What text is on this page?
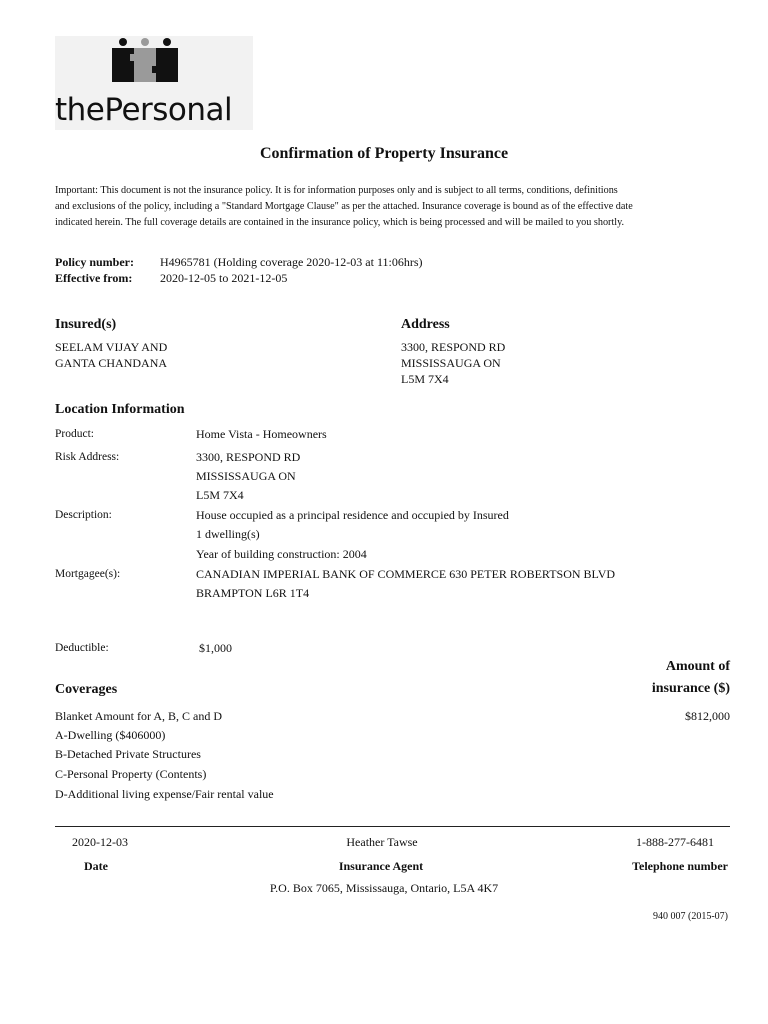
thePersonal
Confirmation of Property Insurance
Important: This document is not the insurance policy. It is for information purposes only and is subject to all terms, conditions, definitions and exclusions of the policy, including a "Standard Mortgage Clause" as per the attached. Insurance coverage is bound as of the effective date indicated herein. The full coverage details are contained in the insurance policy, which is being processed and will be mailed to you shortly.
Policy number: H4965781 (Holding coverage 2020-12-03 at 11:06hrs)
Effective from: 2020-12-05 to 2021-12-05
Insured(s)
SEELAM VIJAY AND
GANTA CHANDANA
Address
3300, RESPOND RD
MISSISSAUGA ON
L5M 7X4
Location Information
Product:	Home Vista - Homeowners
Risk Address:	3300, RESPOND RD
MISSISSAUGA ON
L5M 7X4
Description:	House occupied as a principal residence and occupied by Insured
1 dwelling(s)
Year of building construction: 2004
Mortgagee(s):	CANADIAN IMPERIAL BANK OF COMMERCE 630 PETER ROBERTSON BLVD
BRAMPTON L6R 1T4
Deductible:	$1,000
Amount of
insurance ($)
Coverages
Blanket Amount for A, B, C and D	$812,000
A-Dwelling ($406000)
B-Detached Private Structures
C-Personal Property (Contents)
D-Additional living expense/Fair rental value
2020-12-03	Heather Tawse	1-888-277-6481
Date	Insurance Agent	Telephone number
P.O. Box 7065, Mississauga, Ontario, L5A 4K7
940 007 (2015-07)
